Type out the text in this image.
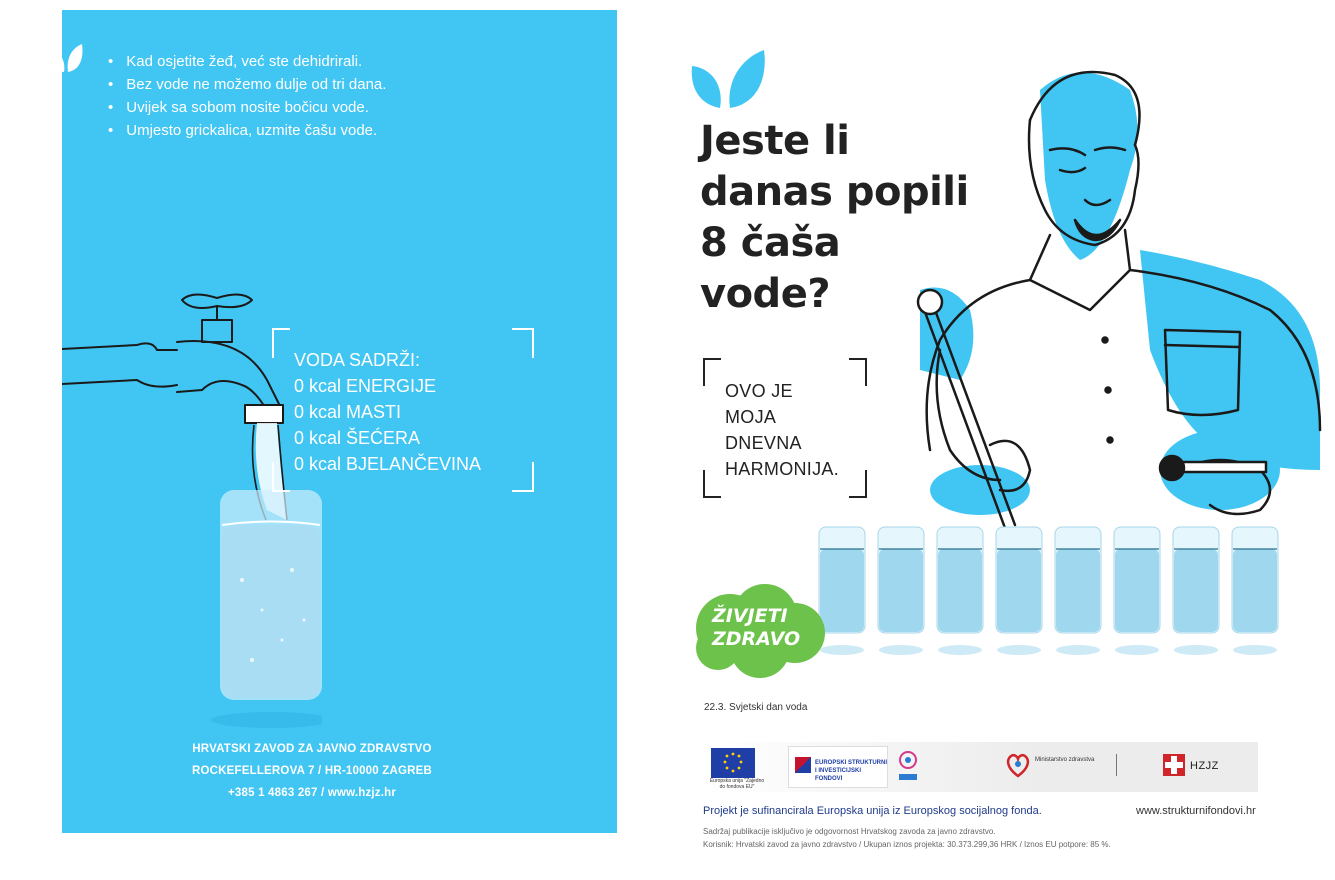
• Kad osjetite žeđ, već ste dehidrirali.
• Bez vode ne možemo dulje od tri dana.
• Uvijek sa sobom nosite bočicu vode.
• Umjesto grickalica, uzmite čašu vode.
VODA SADRŽI:
0 kcal ENERGIJE
0 kcal MASTI
0 kcal ŠEĆERA
0 kcal BJELANČEVINA
HRVATSKI ZAVOD ZA JAVNO ZDRAVSTVO
ROCKEFELLEROVA 7 / HR-10000 ZAGREB
+385 1 4863 267 / www.hzjz.hr
Jeste li
danas popili
8 čaša
vode?
OVO JE
MOJA
DNEVNA
HARMONIJA.
ŽIVJETI
ZDRAVO
22.3. Svjetski dan voda
Europska unija "Zajedno do fondova EU"
EUROPSKI STRUKTURNI
I INVESTICIJSKI FONDOVI
Ministarstvo zdravstva	HZJZ
Projekt je sufinancirala Europska unija iz Europskog socijalnog fonda.	www.strukturnifondovi.hr
Sadržaj publikacije isključivo je odgovornost Hrvatskog zavoda za javno zdravstvo.
Korisnik: Hrvatski zavod za javno zdravstvo / Ukupan iznos projekta: 30.373.299,36 HRK / Iznos EU potpore: 85 %.
